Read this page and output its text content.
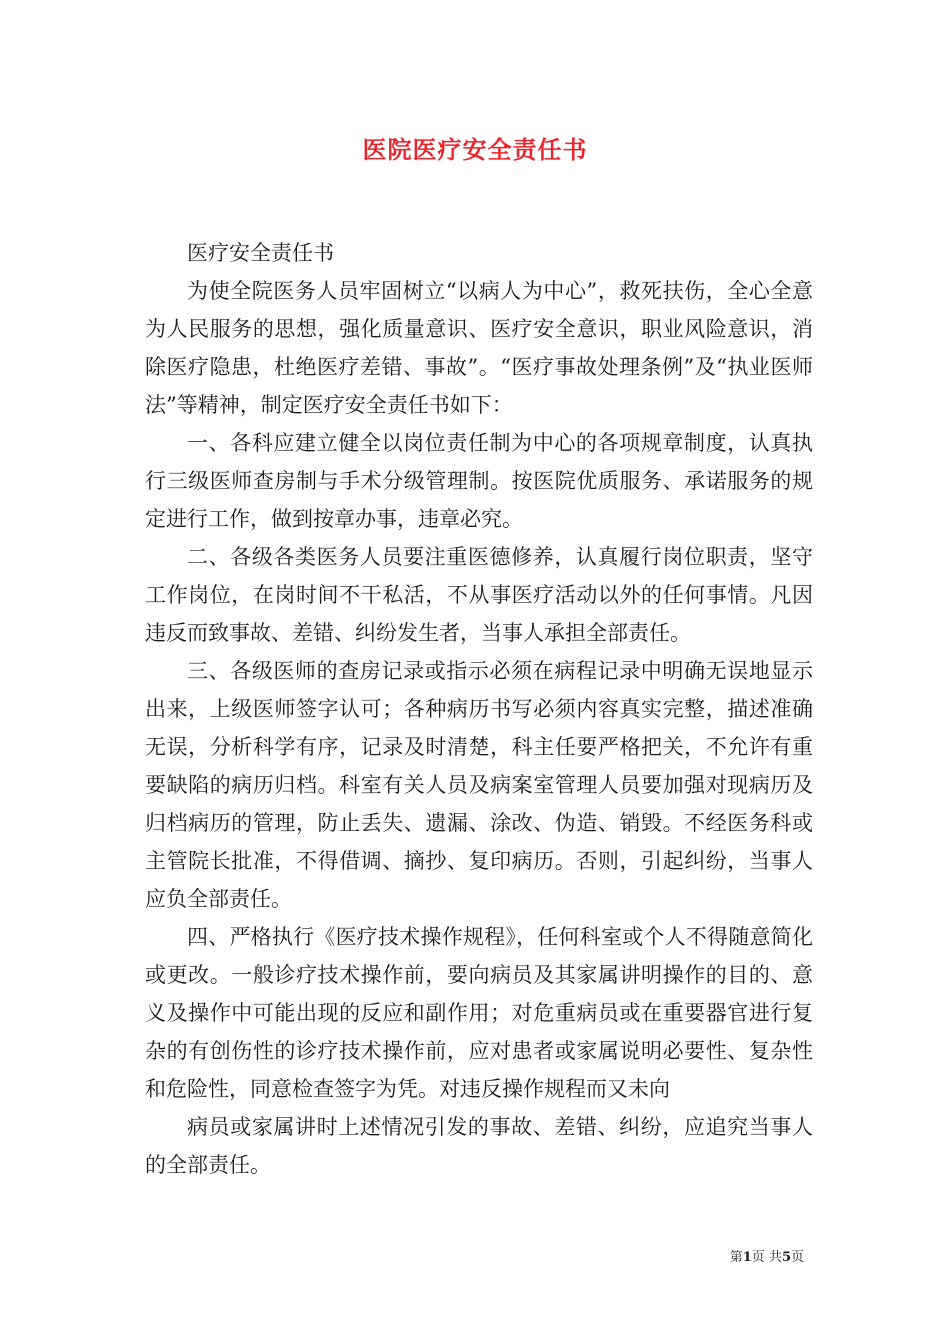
医院医疗安全责任书

医疗安全责任书

为使全院医务人员牢固树立“以病人为中心”，救死扶伤，全心全意为人民服务的思想，强化质量意识、医疗安全意识，职业风险意识，消除医疗隐患，杜绝医疗差错、事故”。“医疗事故处理条例”及“执业医师法”等精神，制定医疗安全责任书如下：

一、各科应建立健全以岗位责任制为中心的各项规章制度，认真执行三级医师查房制与手术分级管理制。按医院优质服务、承诺服务的规定进行工作，做到按章办事，违章必究。

二、各级各类医务人员要注重医德修养，认真履行岗位职责，坚守工作岗位，在岗时间不干私活，不从事医疗活动以外的任何事情。凡因违反而致事故、差错、纠纷发生者，当事人承担全部责任。

三、各级医师的查房记录或指示必须在病程记录中明确无误地显示出来，上级医师签字认可；各种病历书写必须内容真实完整，描述准确无误，分析科学有序，记录及时清楚，科主任要严格把关，不允许有重要缺陷的病历归档。科室有关人员及病案室管理人员要加强对现病历及归档病历的管理，防止丢失、遗漏、涂改、伪造、销毁。不经医务科或主管院长批准，不得借调、摘抄、复印病历。否则，引起纠纷，当事人应负全部责任。

四、严格执行《医疗技术操作规程》，任何科室或个人不得随意简化或更改。一般诊疗技术操作前，要向病员及其家属讲明操作的目的、意义及操作中可能出现的反应和副作用；对危重病员或在重要器官进行复杂的有创伤性的诊疗技术操作前，应对患者或家属说明必要性、复杂性和危险性，同意检查签字为凭。对违反操作规程而又未向

病员或家属讲时上述情况引发的事故、差错、纠纷，应追究当事人的全部责任。

第1页 共5页
